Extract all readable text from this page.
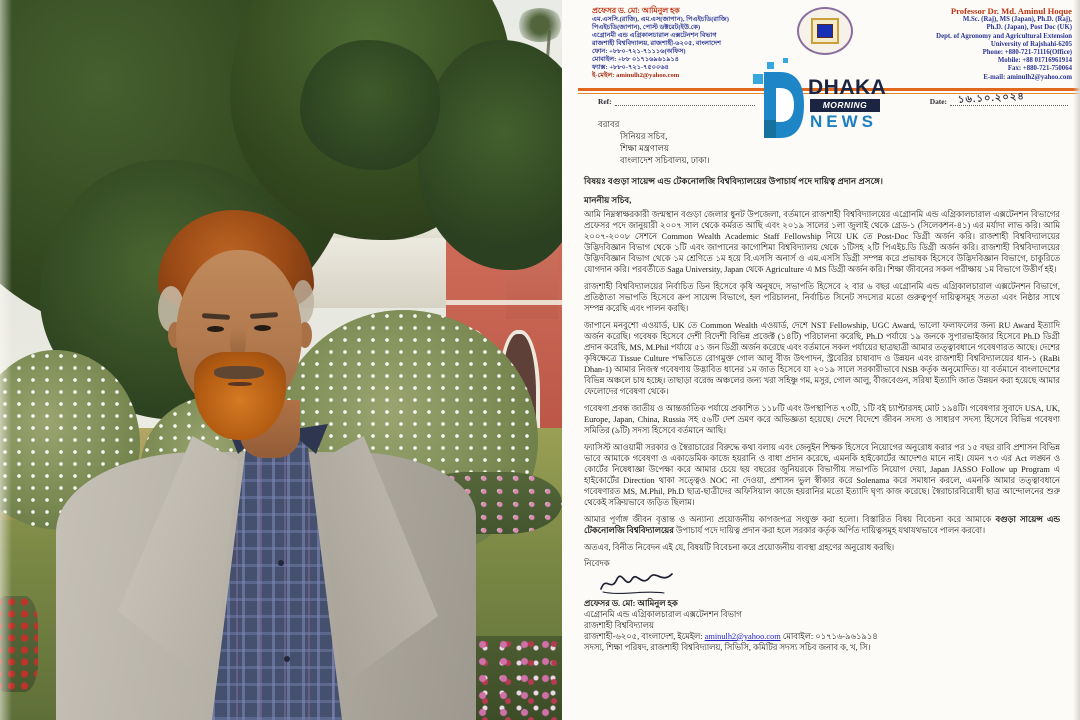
প্রফেসর ড. মো: আমিনুল হক
এম.এসসি.(রাজি), এম.এস(জাপান), পিএইচডি(রাজি)
পিএইচডি(জাপান), পোস্ট ডক্টরেট(ইউ.কে)
এগ্রোনমী এন্ড এগ্রিকালচারাল এক্সটেনশন বিভাগ
রাজশাহী বিশ্ববিদ্যালয়, রাজশাহী-৬২০৫, বাংলাদেশ
ফোন: +৮৮০-৭২১-৭১১১৬(অফিস)
মোবাইল: +৮৮ ০১৭১৬৯৬১৯১৪
ফ্যাক্স: +৮৮০-৭২১-৭৫০০৬৪
ই-মেইল: aminulh2@yahoo.com
Professor Dr. Md. Aminul Hoque
M.Sc. (Raj), MS (Japan), Ph.D. (Raj),
Ph.D. (Japan), Post Doc (UK)
Dept. of Agronomy and Agricultural Extension
University of Rajshahi-6205
Phone: +880-721-71116(Office)
Mobile: +88 01716961914
Fax: +880-721-750064
E-mail: aminulh2@yahoo.com
Ref:	Date: ১৬.১০.২০২৪
বরাবর
সিনিয়র সচিব,
শিক্ষা মন্ত্রণালয়
বাংলাদেশ সচিবালয়, ঢাকা।
বিষয়ঃ বগুড়া সায়েন্স এন্ড টেকনোলজি বিশ্ববিদ্যালয়ের উপাচার্য পদে দায়িত্ব প্রদান প্রসঙ্গে।
মাননীয় সচিব,

আমি নিম্নস্বাক্ষরকারী জন্মস্থান বগুড়া জেলার ধুনট উপজেলা, বর্তমানে রাজশাহী বিশ্ববিদ্যালয়ের এগ্রোনমি এন্ড এগ্রিকালচারাল এক্সটেনশন বিভাগের প্রফেসর পদে জানুয়ারী ২০০৭ সাল থেকে কর্মরত আছি এবং ২০১৯ সালের ১লা জুলাই থেকে গ্রেড-১ (সিলেকশন-৪১) এর মর্যাদা লাভ করি। আমি ২০০৭-২০০৮ সেশনে Common Wealth Academic Staff Fellowship নিয়ে UK তে Post-Doc ডিগ্রী অর্জন করি। রাজশাহী বিশ্ববিদ্যালয়ের উদ্ভিদবিজ্ঞান বিভাগ থেকে ১টি এবং জাপানের কাগোশিমা বিশ্ববিদ্যালয় থেকে ১টিসহ ২টি পিএইচ.ডি ডিগ্রী অর্জন করি। রাজশাহী বিশ্ববিদ্যালয়ের উদ্ভিদবিজ্ঞান বিভাগ থেকে ১ম শ্রেণিতে ১ম হয়ে বি.এসসি অনার্স ও এম.এসসি ডিগ্রী সম্পন্ন করে প্রভাষক হিসেবে উদ্ভিদবিজ্ঞান বিভাগে, চাকুরিতে যোগদান করি। পরবর্তীতে Saga University, Japan থেকে Agriculture এ MS ডিগ্রী অর্জন করি। শিক্ষা জীবনের সকল পরীক্ষায় ১ম বিভাগে উত্তীর্ণ হই।

রাজশাহী বিশ্ববিদ্যালয়ের নির্বাচিত ডিন হিসেবে কৃষি অনুষদে, সভাপতি হিসেবে ২ বার ৬ বছর এগ্রোনমি এন্ড এগ্রিকালচারাল এক্সটেনশন বিভাগে, প্রতিষ্ঠাতা সভাপতি হিসেবে ক্রপ সায়েন্স বিভাগে, হল পরিচালনা, নির্বাচিত সিনেট সদস্যের মতো গুরুত্বপূর্ণ দায়িত্বসমূহ সততা এবং নিষ্ঠার সাথে সম্পন্ন করেছি এবং পালন করছি।

জাপানে মনবুশো এওয়ার্ড, UK তে Common Wealth এওয়ার্ড, দেশে NST Fellowship, UGC Award, ভালো ফলাফলের জন্য RU Award ইত্যাদি অর্জন করেছি। গবেষক হিসেবে দেশী বিদেশী বিভিন্ন প্রজেক্ট (১৪টি) পরিচালনা করেছি, Ph.D পর্যায়ে ১৯ জনকে সুপারভাইজার হিসেবে Ph.D ডিগ্রী প্রদান করেছি, MS, M.Phil পর্যায়ে ৫১ জন ডিগ্রী অর্জন করেছে এবং বর্তমানে সকল পর্যায়ের ছাত্রছাত্রী আমার তত্ত্বাবধানে গবেষণারত আছে। দেশের কৃষিক্ষেত্রে Tissue Culture পদ্ধতিতে রোগমুক্ত গোল আলু বীজ উৎপাদন, স্ট্রবেরির চাষাবাদ ও উন্নয়ন এবং রাজশাহী বিশ্ববিদ্যালয়ের ধান-১ (RaBi Dhan-1) আমার নিজস্ব গবেষণায় উদ্ভাবিত ধানের ১ম জাত হিসেবে যা ২০১৯ সালে সরকারীভাবে NSB কর্তৃক অনুমোদিত। যা বর্তমানে বাংলাদেশের বিভিন্ন অঞ্চলে চাষ হচ্ছে। তাছাড়া বরেন্দ্র অঞ্চলের জন্য খরা সহিষ্ণু গম, মসুর, গোল আলু, বীজবেগুন, সরিষা ইত্যাদি জাত উন্নয়ন করা হয়েছে আমার ফেলোদের গবেষণা থেকে।

গবেষণা প্রবন্ধ জাতীয় ও আন্তর্জাতিক পর্যায়ে প্রকাশিত ১১৮টি এবং উপস্থাপিত ৭৩টি, ১টি বই চ্যাপ্টারসহ মোট ১৯৪টি। গবেষণার সুবাদে USA, UK, Europe, Japan, China, Russia সহ ৫৬টি দেশ ভ্রমণ করে অভিজ্ঞতা হয়েছে। দেশে বিদেশে জীবন সদস্য ও সাধারণ সদস্য হিসেবে বিভিন্ন গবেষণা সমিতির (৯টি) সদস্য হিসেবে বর্তমানে আছি।

ফ্যাসিস্ট আওয়ামী সরকার ও স্বৈরাচারের বিরুদ্ধে কথা বলায় এবং জেনুইন শিক্ষক হিসেবে নিয়োগের অনুরোধ করার পর ১৫ বছর রাবি প্রশাসন বিভিন্ন ভাবে আমাকে গবেষণা ও একাডেমিক কাজে হয়রানি ও বাধা প্রদান করেছে, এমনকি হাইকোর্টের আদেশও মানে নাই। যেমন ৭৩ এর Act লঙ্ঘন ও কোর্টের নিষেধাজ্ঞা উপেক্ষা করে আমার চেয়ে ছয় বছরের জুনিয়রকে বিভাগীয় সভাপতি নিয়োগ দেয়া, Japan JASSO Follow up Program এ হাইকোর্টের Direction থাকা সত্ত্বেও NOC না দেওয়া, প্রশাসন ভুল স্বীকার করে Solenama করে সমাধান করলে, এমনকি আমার তত্ত্বাবধানে গবেষণারত MS, M.Phil, Ph.D ছাত্র-ছাত্রীদের অফিসিয়াল কাজে হয়রানির মতো ইত্যাদি ঘৃণ্য কাজ করেছে। স্বৈরাচারবিরোধী ছাত্র আন্দোলনের শুরু থেকেই সক্রিয়ভাবে জড়িত ছিলাম।

আমার পূর্ণাঙ্গ জীবন বৃত্তান্ত ও অন্যান্য প্রয়োজনীয় কাগজপত্র সংযুক্ত করা হলো। বিস্তারিত বিষয় বিবেচনা করে আমাকে বগুড়া সায়েন্স এন্ড টেকনোলজি বিশ্ববিদ্যালয়ের উপাচার্য পদে দায়িত্ব প্রদান করা হলে সরকার কর্তৃক অর্পিত দায়িত্বসমূহ যথাযথভাবে পালন করবো।

অতএব, বিনীত নিবেদন এই যে, বিষয়টি বিবেচনা করে প্রয়োজনীয় ব্যবস্থা গ্রহণের অনুরোধ করছি।

নিবেদক
প্রফেসর ড. মো: আমিনুল হক
এগ্রোনমি এন্ড এগ্রিকালচারাল এক্সটেনশন বিভাগ
রাজশাহী বিশ্ববিদ্যালয়
রাজশাহী-৬২০৫, বাংলাদেশ, ইমেইল: aminulh2@yahoo.com মোবাইল: ০১৭১৬-৯৬১৯১৪
সদস্য, শিক্ষা পরিষদ, রাজশাহী বিশ্ববিদ্যালয়, সিভিসি, কমিটির সদস্য সচিব জনাব ক, খ, সি।
DHAKA
MORNING
NEWS
